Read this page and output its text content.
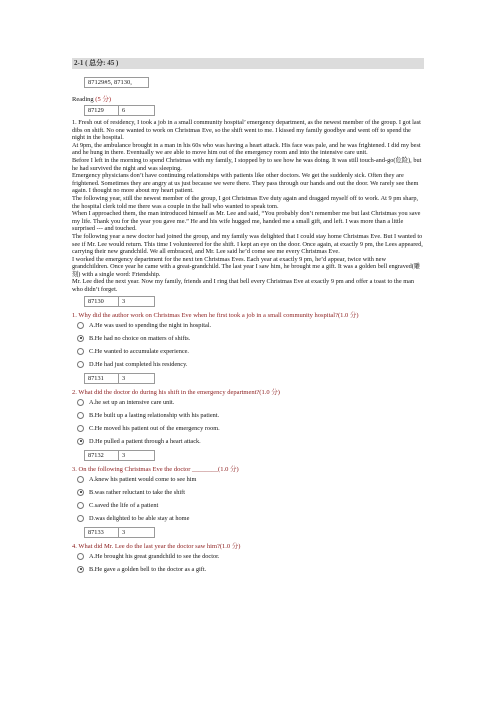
2-1 ( 总分: 45 )
87129#5, 87130,
Reading (5 分)
87129	6

1. Fresh out of residency, I took a job in a small community hospital’ emergency department, as the newest member of the group. I got last dibs on shift. No one wanted to work on Christmas Eve, so the shift went to me. I kissed my family goodbye and went off to spend the night in the hospital.

At 9pm, the ambulance brought in a man in his 60s who was having a heart attack. His face was pale, and he was frightened. I did my best and he hung in there. Eventually we are able to move him out of the emergency room and into the intensive care unit.

Before I left in the morning to spend Christmas with my family, I stopped by to see how he was doing. It was still touch-and-go(危险), but he had survived the night and was sleeping.

Emergency physicians don’t have continuing relationships with patients like other doctors. We get the suddenly sick. Often they are frightened. Sometimes they are angry at us just because we were there. They pass through our hands and out the door. We rarely see them again. I thought no more about my heart patient.

The following year, still the newest member of the group, I got Christmas Eve duty again and dragged myself off to work. At 9 pm sharp, the hospital clerk told me there was a couple in the hall who wanted to speak tom.

When I approached them, the man introduced himself as Mr. Lee and said, “You probably don’t remember me but last Christmas you save my life. Thank you for the year you gave me.” He and his wife hugged me, handed me a small gift, and left. I was more than a little surprised --- and touched.

The following year a new doctor had joined the group, and my family was delighted that I could stay home Christmas Eve. But I wanted to see if Mr. Lee would return. This time I volunteered for the shift. I kept an eye on the door. Once again, at exactly 9 pm, the Lees appeared, carrying their new grandchild. We all embraced, and Mr. Lee said he’d come see me every Christmas Eve.

I worked the emergency department for the next ten Christmas Eves. Each year at exactly 9 pm, he’d appear, twice with new grandchildren. Once year he came with a great-grandchild. The last year I saw him, he brought me a gift. It was a golden bell engraved(雕刻) with a single word: Friendship.

Mr. Lee died the next year. Now my family, friends and I ring that bell every Christmas Eve at exactly 9 pm and offer a toast to the man who didn’t forget.

87130	3
1. Why did the author work on Christmas Eve when he first took a job in a small community hospital?(1.0 分)
A.He was used to spending the night in hospital.
B.He had no choice on matters of shifts.
C.He wanted to accumulate experience.
D.He had just completed his residency.
87131	3
2. What did the doctor do during his shift in the emergency department?(1.0 分)
A.he set up an intensive care unit.
B.He built up a lasting relationship with his patient.
C.He moved his patient out of the emergency room.
D.He pulled a patient through a heart attack.
87132	3
3. On the following Christmas Eve the doctor ________(1.0 分)
A.knew his patient would come to see him
B.was rather reluctant to take the shift
C.saved the life of a patient
D.was delighted to be able stay at home
87133	3
4. What did Mr. Lee do the last year the doctor saw him?(1.0 分)
A.He brought his great grandchild to see the doctor.
B.He gave a golden bell to the doctor as a gift.
